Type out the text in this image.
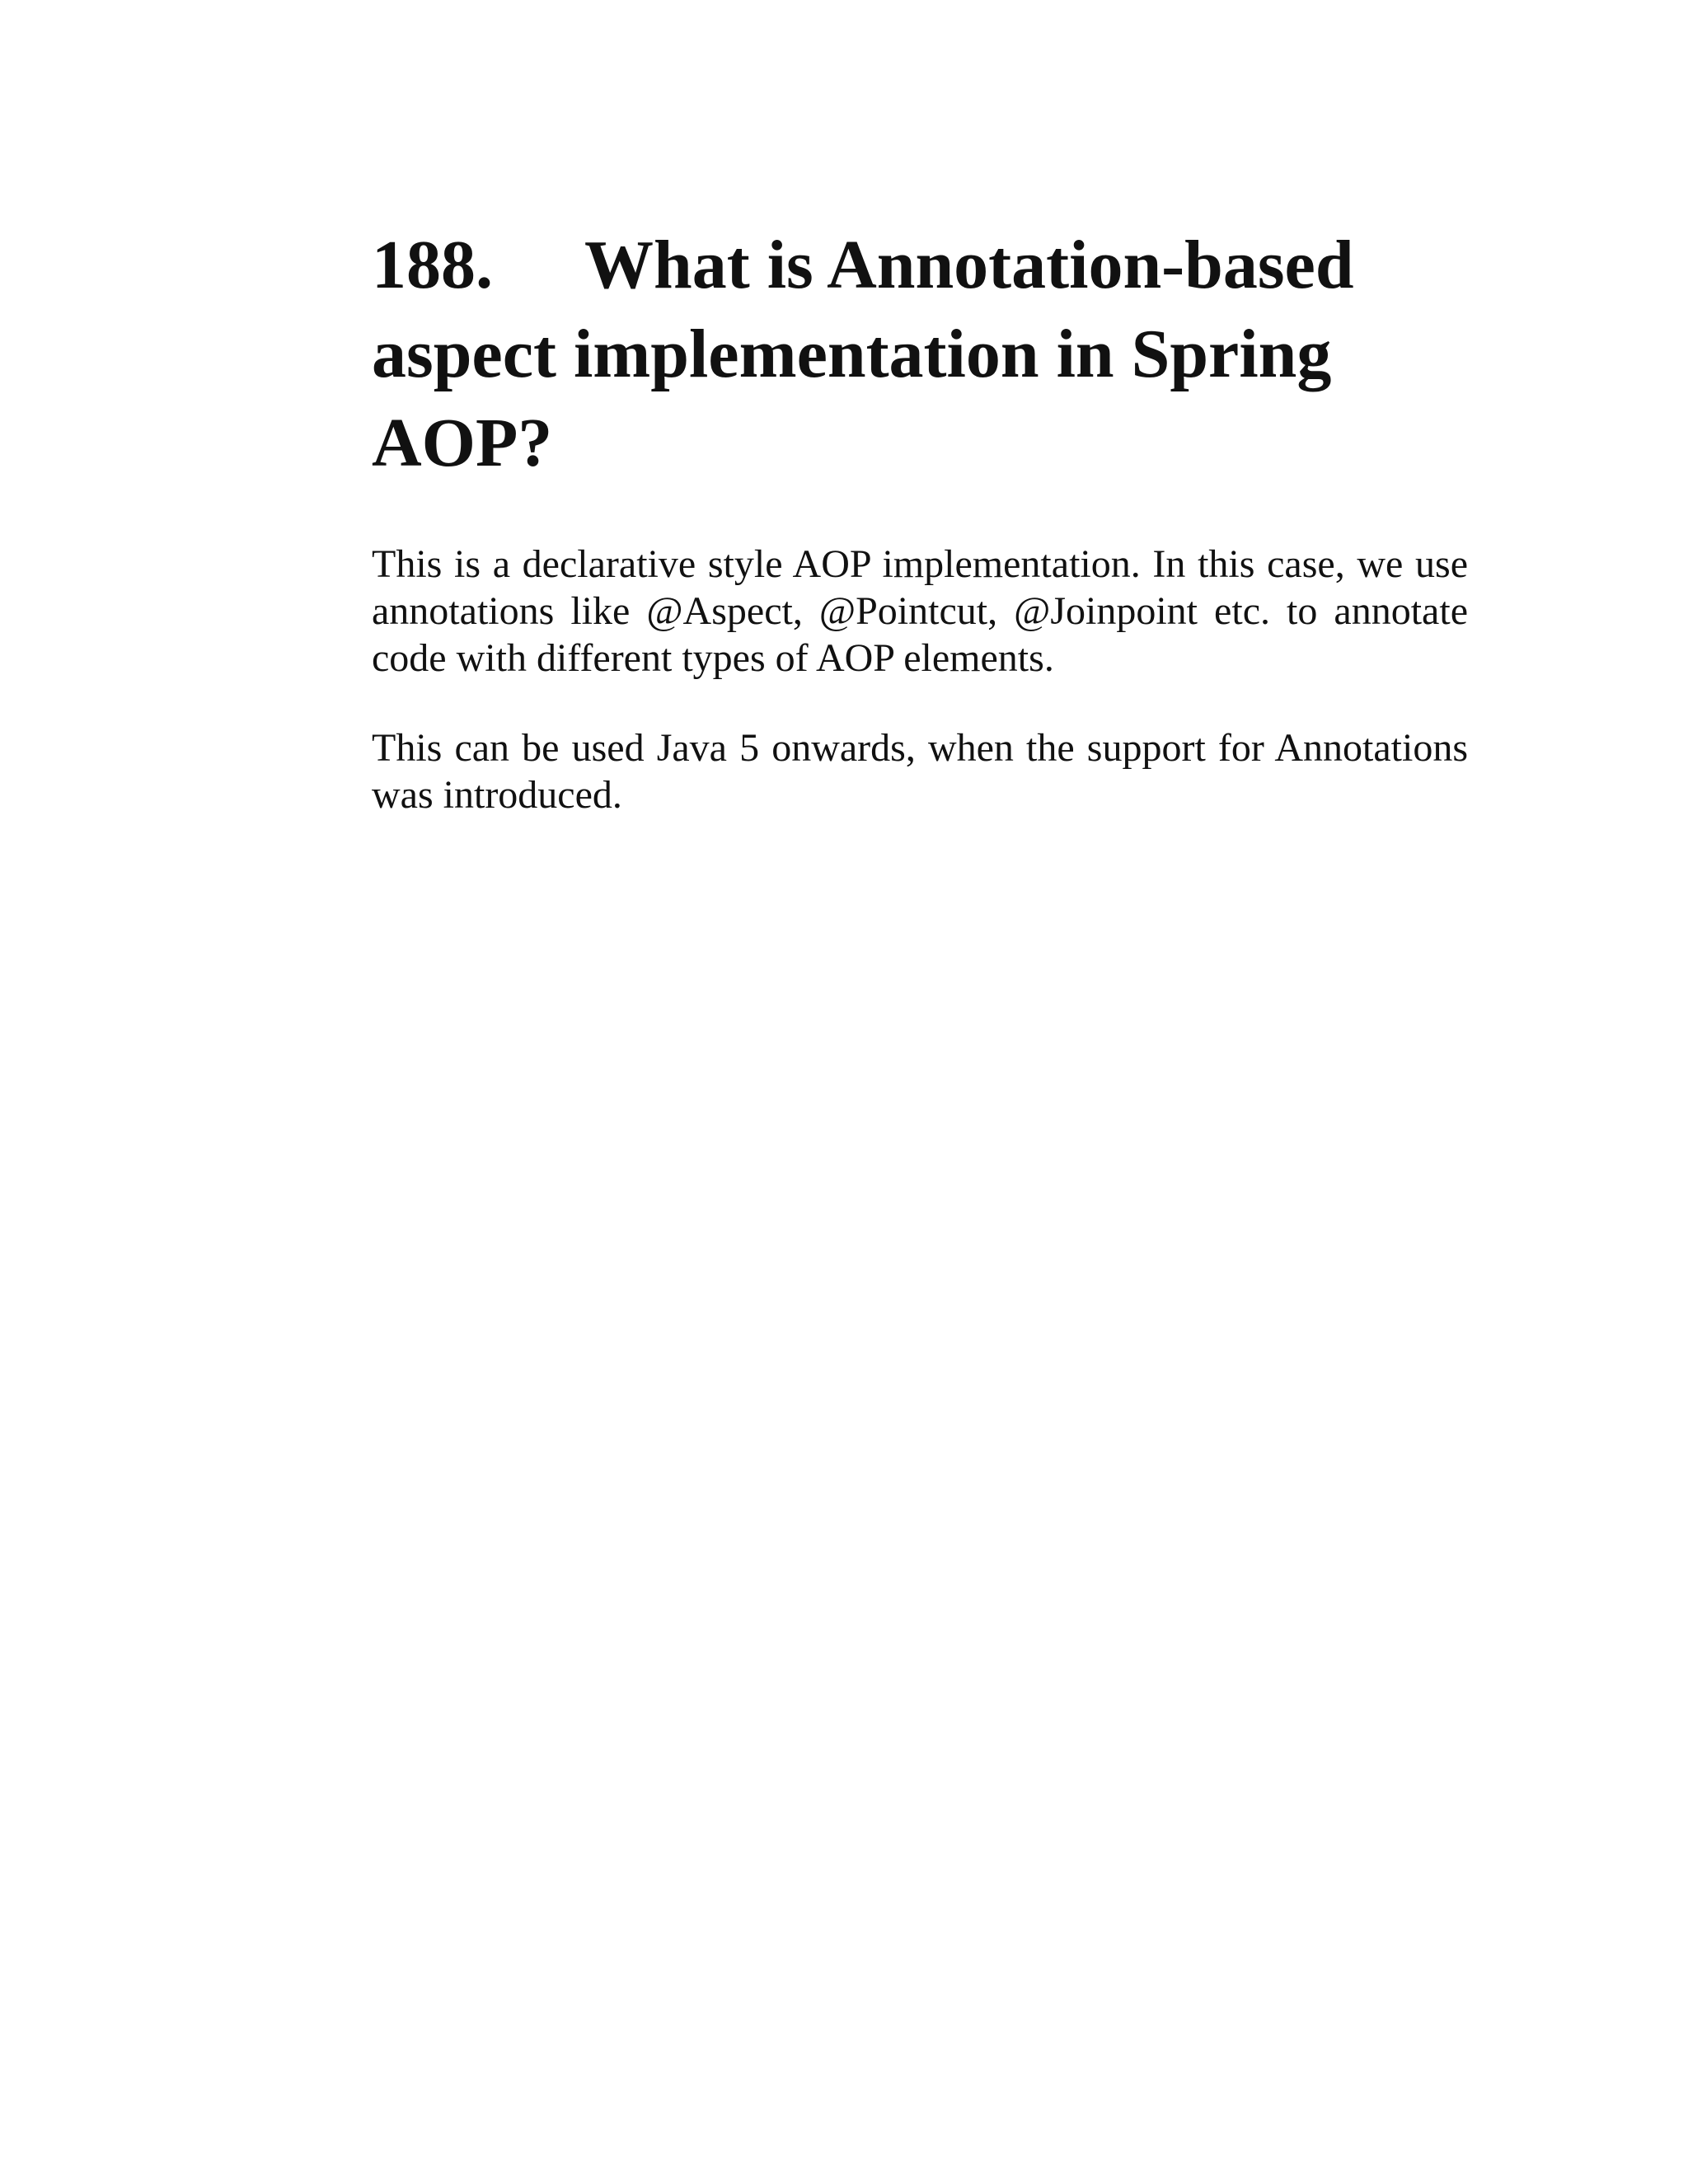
188. What is Annotation-based aspect implementation in Spring AOP?

This is a declarative style AOP implementation. In this case, we use annotations like @Aspect, @Pointcut, @Joinpoint etc. to annotate code with different types of AOP elements.

This can be used Java 5 onwards, when the support for Annotations was introduced.
